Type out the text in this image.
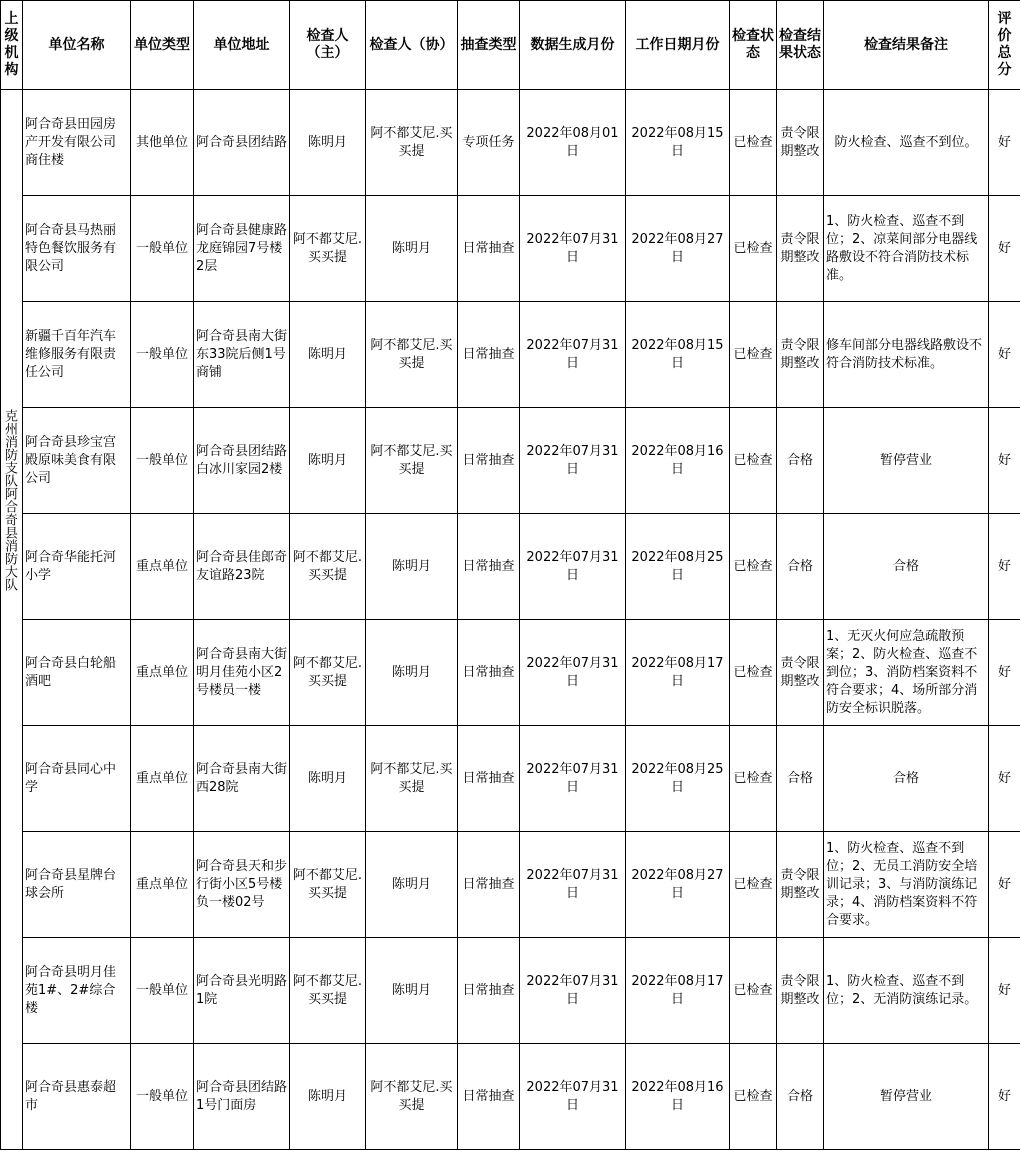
上级机构	单位名称	单位类型	单位地址	检查人（主）	检查人（协）	抽查类型	数据生成月份	工作日期月份	检查状态	检查结果状态	检查结果备注	评价总分
克州消防支队阿合奇县消防大队	阿合奇县田园房产开发有限公司商住楼	其他单位	阿合奇县团结路	陈明月	阿不都艾尼.买买提	专项任务	2022年08月01日	2022年08月15日	已检查	责令限期整改	防火检查、巡查不到位。	好
	阿合奇县马热丽特色餐饮服务有限公司	一般单位	阿合奇县健康路龙庭锦园7号楼2层	阿不都艾尼.买买提	陈明月	日常抽查	2022年07月31日	2022年08月27日	已检查	责令限期整改	1、防火检查、巡查不到位；2、凉菜间部分电器线路敷设不符合消防技术标准。	好
	新疆千百年汽车维修服务有限责任公司	一般单位	阿合奇县南大街东33院后侧1号商铺	陈明月	阿不都艾尼.买买提	日常抽查	2022年07月31日	2022年08月15日	已检查	责令限期整改	修车间部分电器线路敷设不符合消防技术标准。	好
	阿合奇县珍宝宫殿原味美食有限公司	一般单位	阿合奇县团结路白冰川家园2楼	陈明月	阿不都艾尼.买买提	日常抽查	2022年07月31日	2022年08月16日	已检查	合格	暂停营业	好
	阿合奇华能托河小学	重点单位	阿合奇县佳郎奇友谊路23院	阿不都艾尼.买买提	陈明月	日常抽查	2022年07月31日	2022年08月25日	已检查	合格	合格	好
	阿合奇县白轮船酒吧	重点单位	阿合奇县南大街明月佳苑小区2号楼员一楼	阿不都艾尼.买买提	陈明月	日常抽查	2022年07月31日	2022年08月17日	已检查	责令限期整改	1、无灭火何应急疏散预案；2、防火检查、巡查不到位；3、消防档案资料不符合要求；4、场所部分消防安全标识脱落。	好
	阿合奇县同心中学	重点单位	阿合奇县南大街西28院	陈明月	阿不都艾尼.买买提	日常抽查	2022年07月31日	2022年08月25日	已检查	合格	合格	好
	阿合奇县星牌台球会所	重点单位	阿合奇县天和步行街小区5号楼负一楼02号	阿不都艾尼.买买提	陈明月	日常抽查	2022年07月31日	2022年08月27日	已检查	责令限期整改	1、防火检查、巡查不到位；2、无员工消防安全培训记录；3、与消防演练记录；4、消防档案资料不符合要求。	好
	阿合奇县明月佳苑1#、2#综合楼	一般单位	阿合奇县光明路1院	阿不都艾尼.买买提	陈明月	日常抽查	2022年07月31日	2022年08月17日	已检查	责令限期整改	1、防火检查、巡查不到位；2、无消防演练记录。	好
	阿合奇县惠泰超市	一般单位	阿合奇县团结路1号门面房	陈明月	阿不都艾尼.买买提	日常抽查	2022年07月31日	2022年08月16日	已检查	合格	暂停营业	好
